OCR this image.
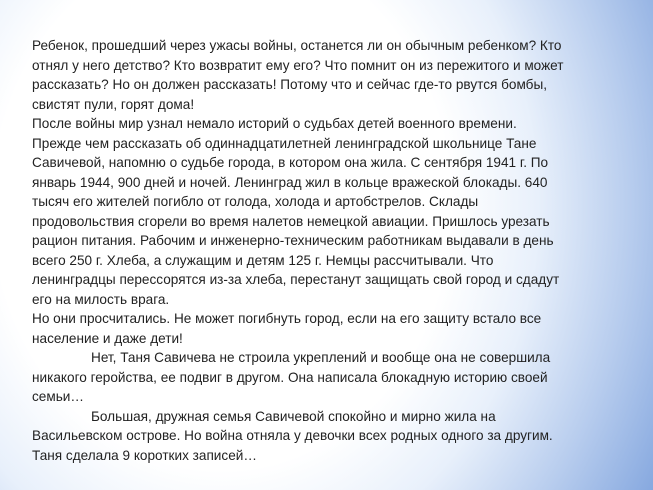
Ребенок, прошедший через ужасы войны, останется ли он обычным ребенком? Кто
отнял у него детство? Кто возвратит ему его? Что помнит он из пережитого и может
рассказать? Но он должен рассказать! Потому что и сейчас где-то рвутся бомбы,
свистят пули, горят дома!

После войны мир узнал немало историй о судьбах детей военного времени.
Прежде чем рассказать об одиннадцатилетней ленинградской школьнице Тане
Савичевой, напомню о судьбе города, в котором она жила. С сентября 1941 г. По
январь 1944, 900 дней и ночей. Ленинград жил в кольце вражеской блокады. 640
тысяч его жителей погибло от голода, холода и артобстрелов. Склады
продовольствия сгорели во время налетов немецкой авиации. Пришлось урезать
рацион питания. Рабочим и инженерно-техническим работникам выдавали в день
всего 250 г. Хлеба, а служащим и детям 125 г. Немцы рассчитывали. Что
ленинградцы перессорятся из-за хлеба, перестанут защищать свой город и сдадут
его на милость врага.

Но они просчитались. Не может погибнуть город, если на его защиту встало все
население и даже дети!

Нет, Таня Савичева не строила укреплений и вообще она не совершила
никакого геройства, ее подвиг в другом. Она написала блокадную историю своей
семьи…

Большая, дружная семья Савичевой спокойно и мирно жила на
Васильевском острове. Но война отняла у девочки всех родных одного за другим.
Таня сделала 9 коротких записей…
